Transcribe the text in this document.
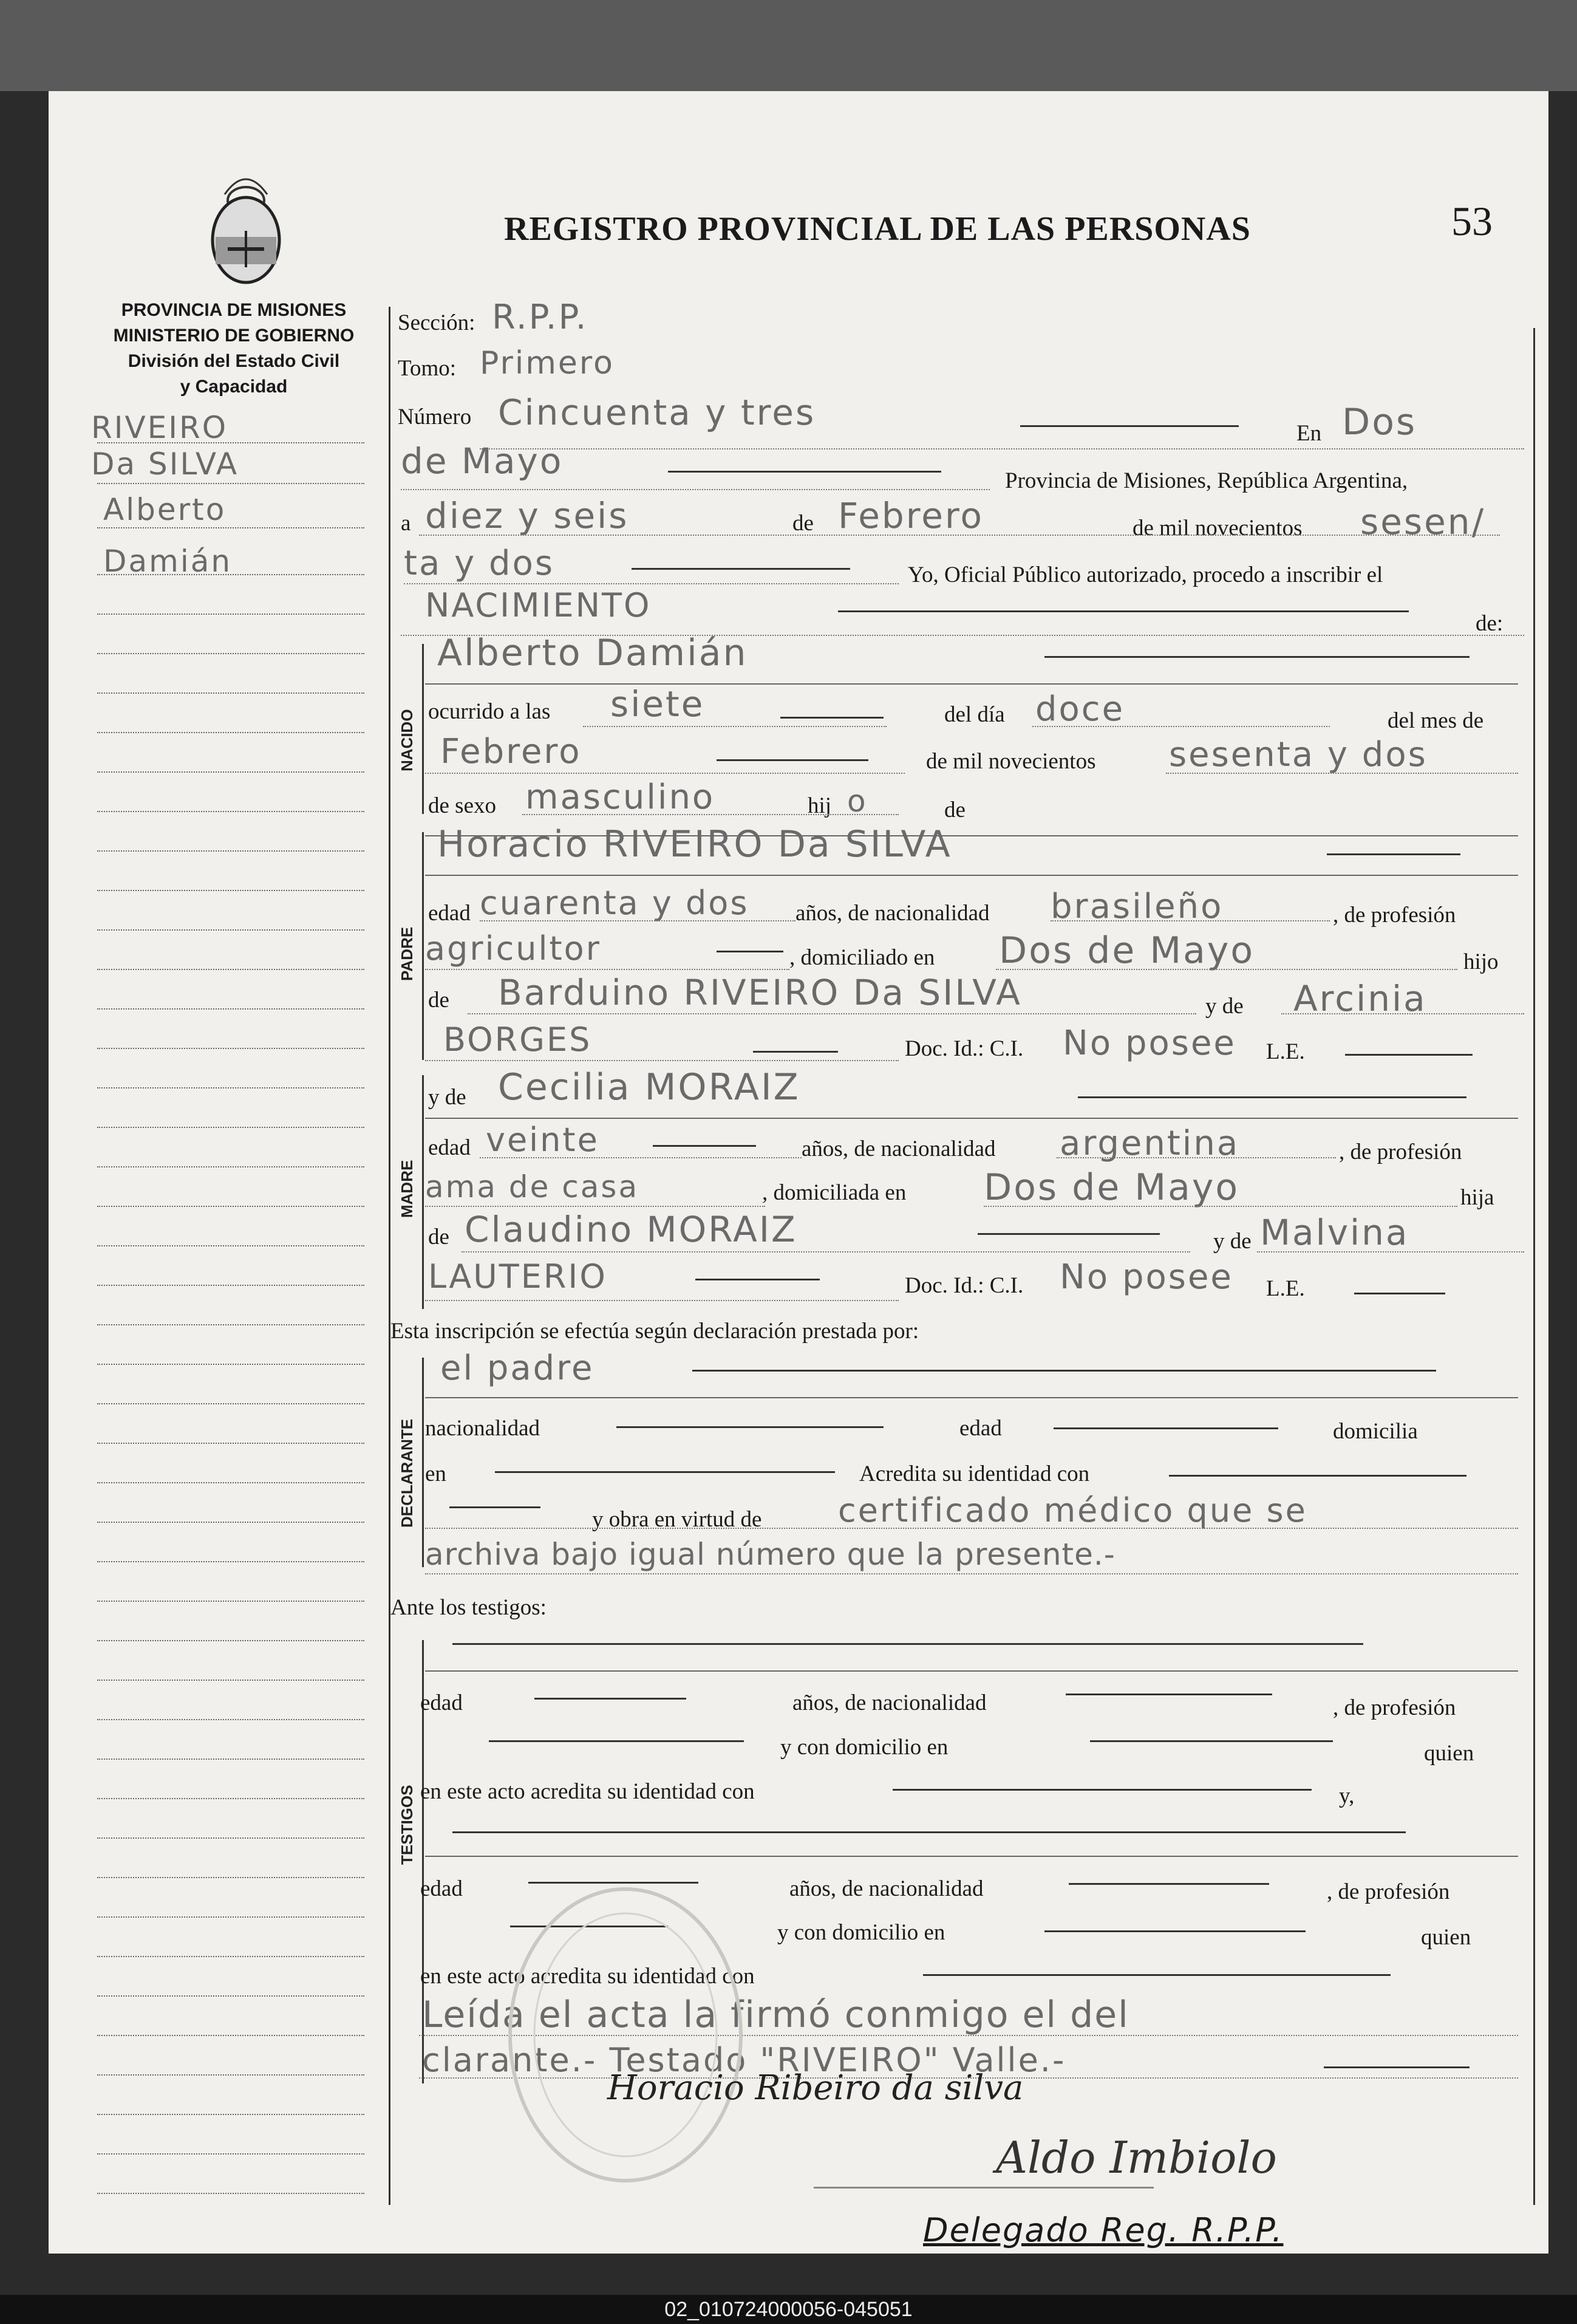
REGISTRO PROVINCIAL DE LAS PERSONAS	53
PROVINCIA DE MISIONES
MINISTERIO DE GOBIERNO
División del Estado Civil
y Capacidad
RIVEIRO
Da SILVA
Alberto
Damián
NACIDO
PADRE
MADRE
DECLARANTE
TESTIGOS
Sección: R.P.P.
Tomo: Primero
Número Cincuenta y tres
En Dos
de Mayo	Provincia de Misiones, República Argentina,
a diez y seis	de Febrero	de mil novecientos sesen/
ta y dos	Yo, Oficial Público autorizado, procedo a inscribir el
NACIMIENTO	de:
Alberto Damián
ocurrido a las siete	del día doce	del mes de
Febrero	de mil novecientos sesenta y dos
de sexo masculino	hij o	de
Horacio RIVEIRO Da SILVA
edad cuarenta y dos años, de nacionalidad brasileño	, de profesión
agricultor	, domiciliado en Dos de Mayo	hijo
de Barduino RIVEIRO Da SILVA	y de Arcinia
BORGES	Doc. Id.: C.I. No posee L.E.
y de Cecilia MORAIZ
edad veinte	años, de nacionalidad argentina	, de profesión
ama de casa	, domiciliada en Dos de Mayo	hija
de Claudino MORAIZ	y de Malvina
LAUTERIO	Doc. Id.: C.I. No posee L.E.
Esta inscripción se efectúa según declaración prestada por:
el padre
nacionalidad	edad	domicilia
en	Acredita su identidad con
y obra en virtud de certificado médico que se
archiva bajo igual número que la presente.-
Ante los testigos:
edad	años, de nacionalidad	, de profesión
y con domicilio en	quien
en este acto acredita su identidad con	y,
edad	años, de nacionalidad	, de profesión
y con domicilio en	quien
en este acto acredita su identidad con
Leída el acta la firmó conmigo el del
clarante.- Testado "RIVEIRO" Valle.-
Horacio Ribeiro da silva
Aldo Imbiolo
Delegado Reg. R.P.P.
02_010724000056-045051
